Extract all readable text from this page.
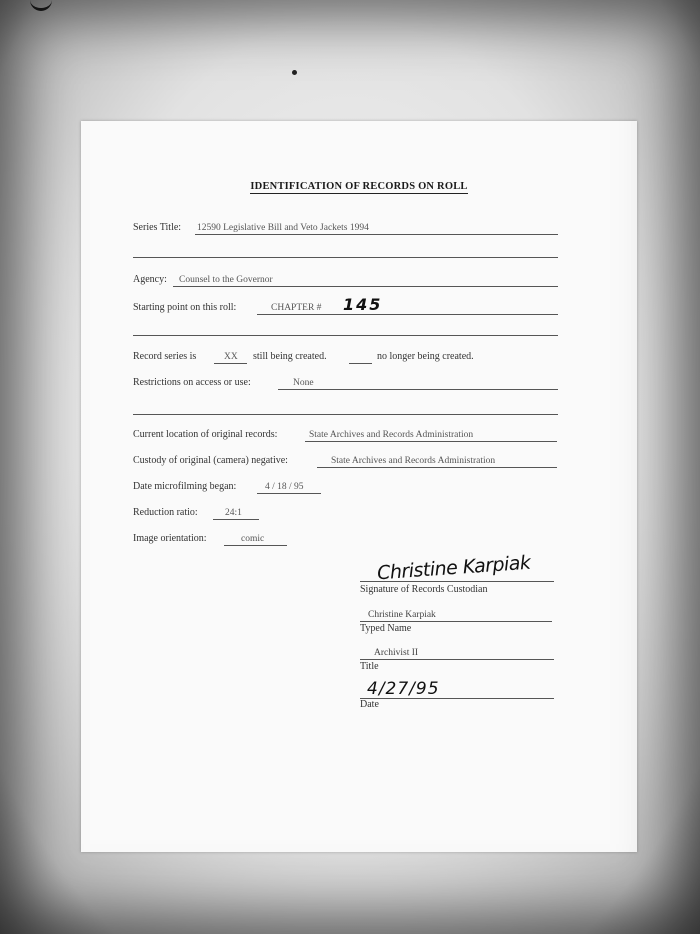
IDENTIFICATION OF RECORDS ON ROLL
Series Title: 12590 Legislative Bill and Veto Jackets 1994
Agency: Counsel to the Governor
Starting point on this roll:	CHAPTER # 145
Record series is	XX still being created.	no longer being created.
Restrictions on access or use:	None
Current location of original records:	State Archives and Records Administration
Custody of original (camera) negative:	State Archives and Records Administration
Date microfilming began:	4 / 18 / 95
Reduction ratio:	24:1
Image orientation:	comic
Christine Karpiak
Signature of Records Custodian
Christine Karpiak
Typed Name
Archivist II
Title
4/27/95
Date
